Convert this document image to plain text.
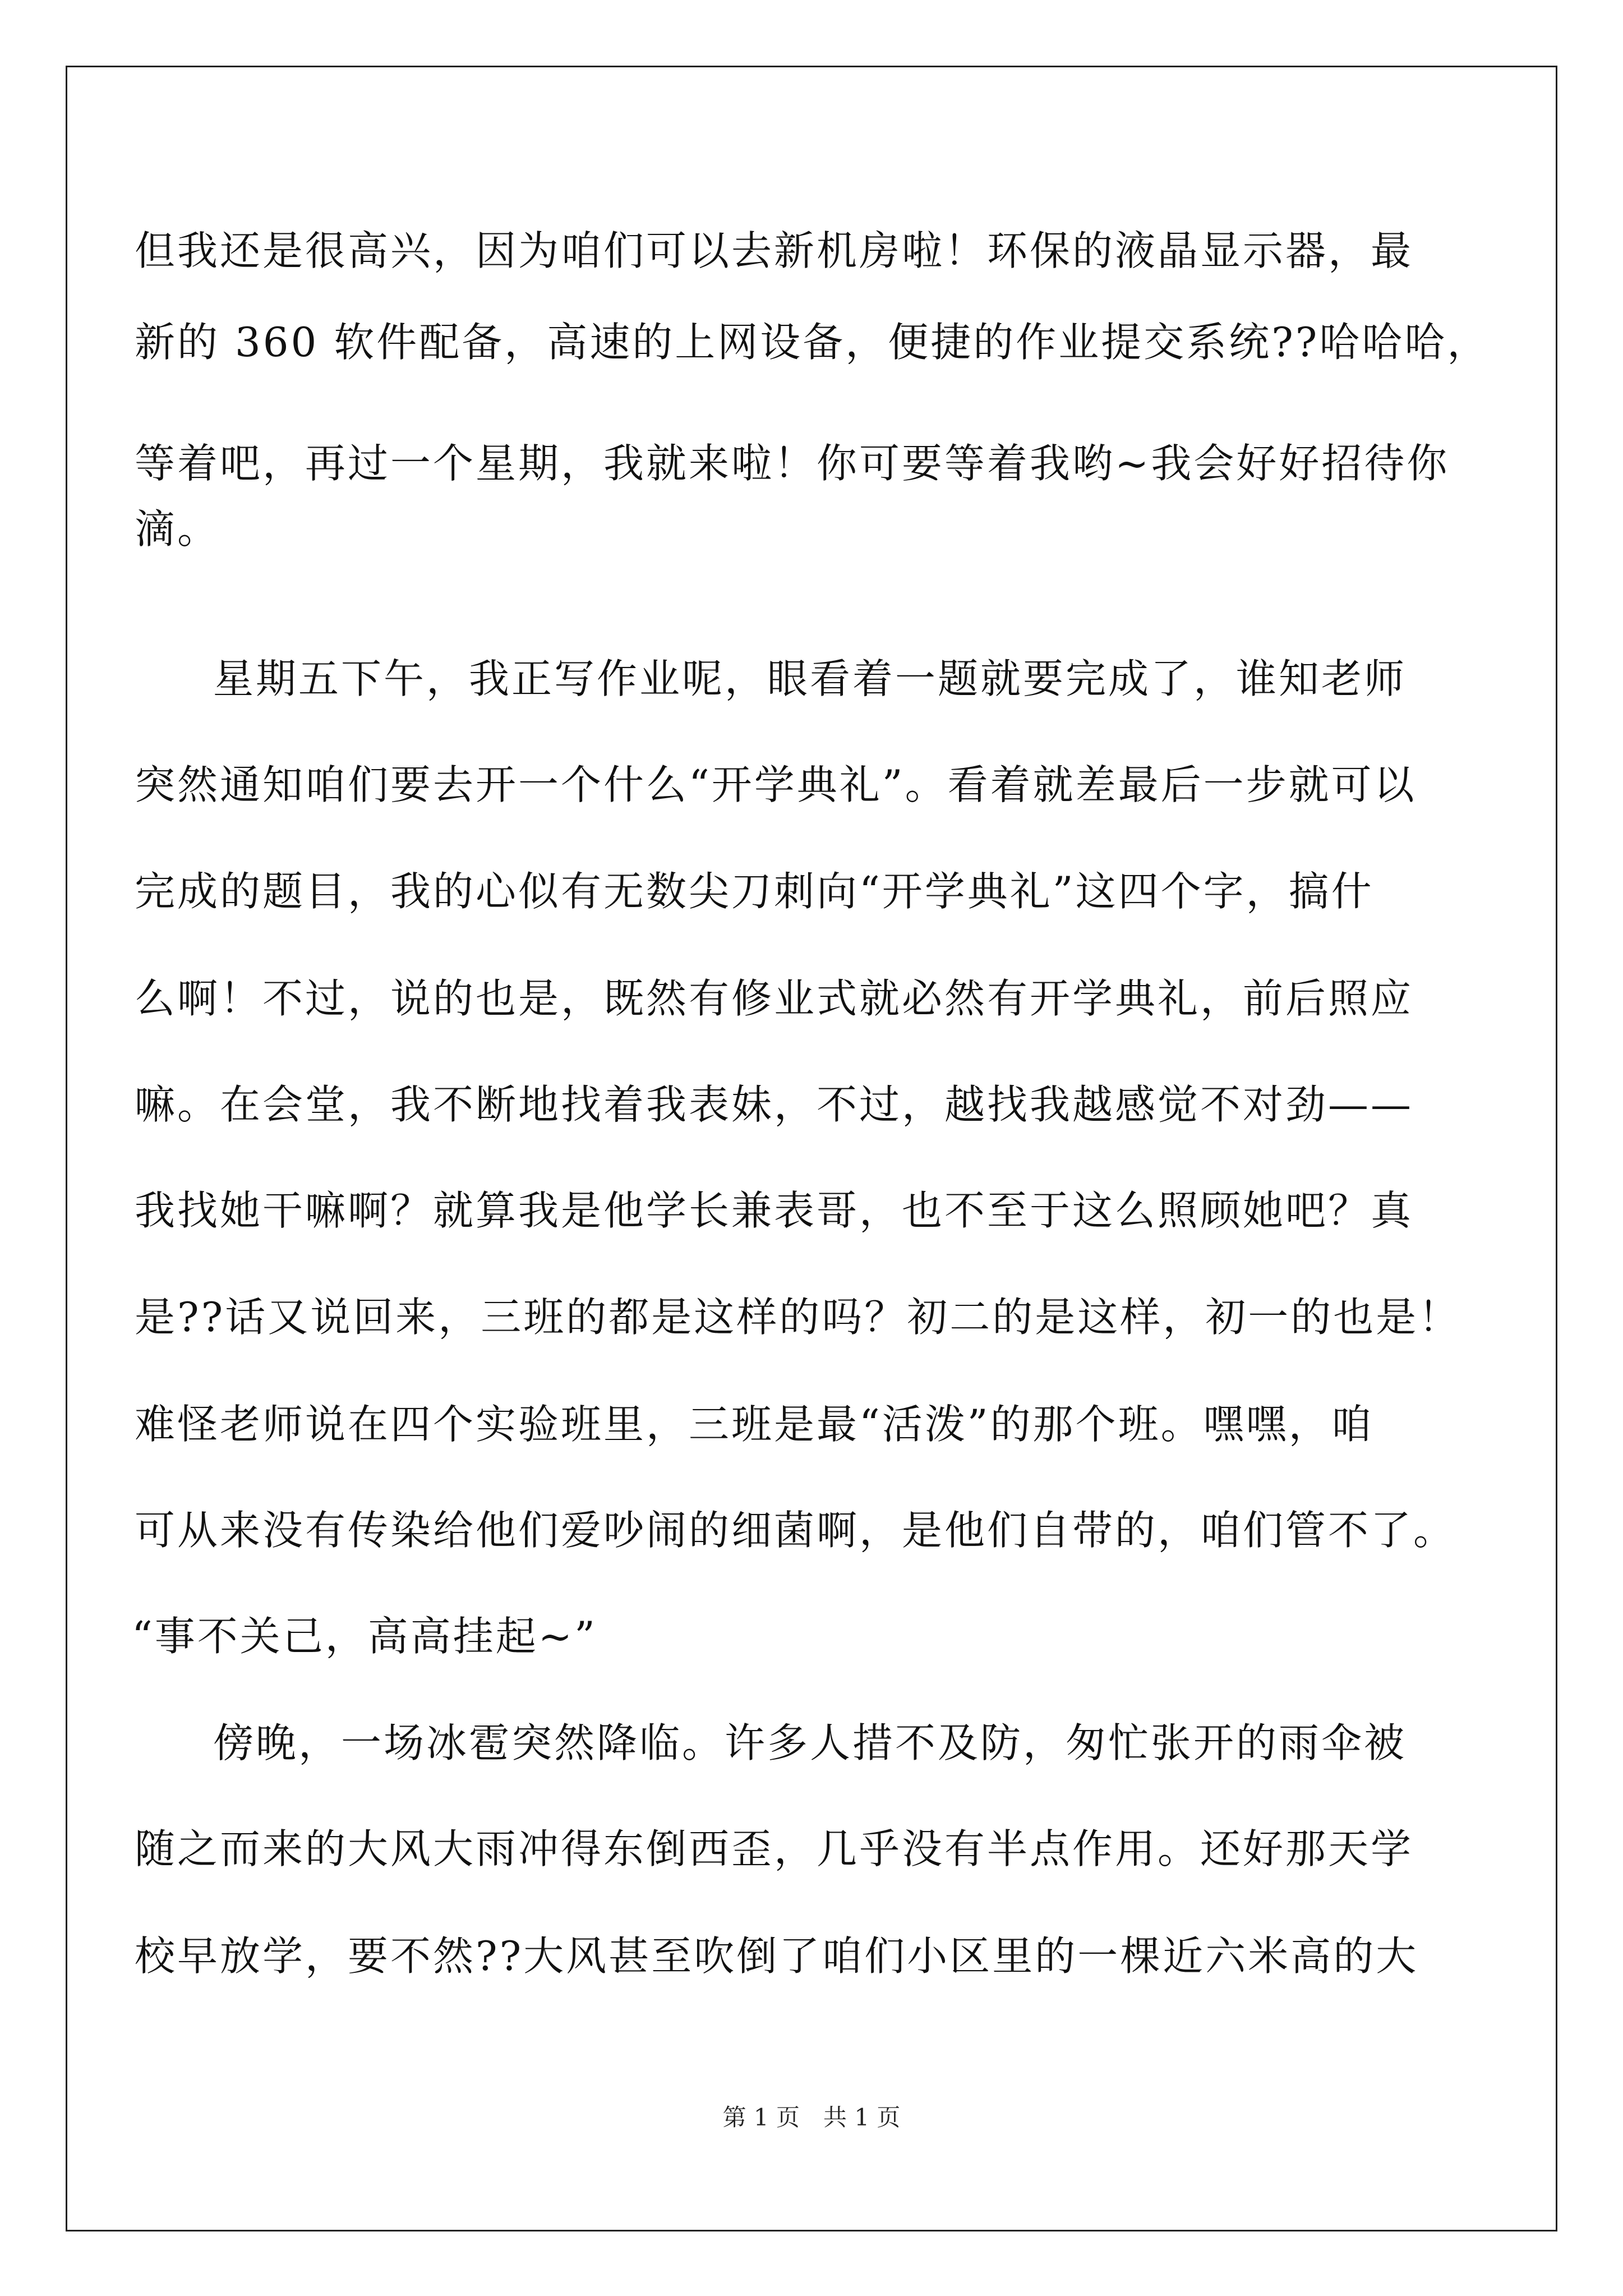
但我还是很高兴，因为咱们可以去新机房啦！环保的液晶显示器，最
新的 360 软件配备，高速的上网设备，便捷的作业提交系统??哈哈哈，
等着吧，再过一个星期，我就来啦！你可要等着我哟~我会好好招待你
滴。
星期五下午，我正写作业呢，眼看着一题就要完成了，谁知老师
突然通知咱们要去开一个什么“开学典礼”。看着就差最后一步就可以
完成的题目，我的心似有无数尖刀刺向“开学典礼”这四个字，搞什
么啊！不过，说的也是，既然有修业式就必然有开学典礼，前后照应
嘛。在会堂，我不断地找着我表妹，不过，越找我越感觉不对劲——
我找她干嘛啊？就算我是他学长兼表哥，也不至于这么照顾她吧？真
是??话又说回来，三班的都是这样的吗？初二的是这样，初一的也是！
难怪老师说在四个实验班里，三班是最“活泼”的那个班。嘿嘿，咱
可从来没有传染给他们爱吵闹的细菌啊，是他们自带的，咱们管不了。
“事不关己，高高挂起~”
傍晚，一场冰雹突然降临。许多人措不及防，匆忙张开的雨伞被
随之而来的大风大雨冲得东倒西歪，几乎没有半点作用。还好那天学
校早放学，要不然??大风甚至吹倒了咱们小区里的一棵近六米高的大
第 1 页　共 1 页
